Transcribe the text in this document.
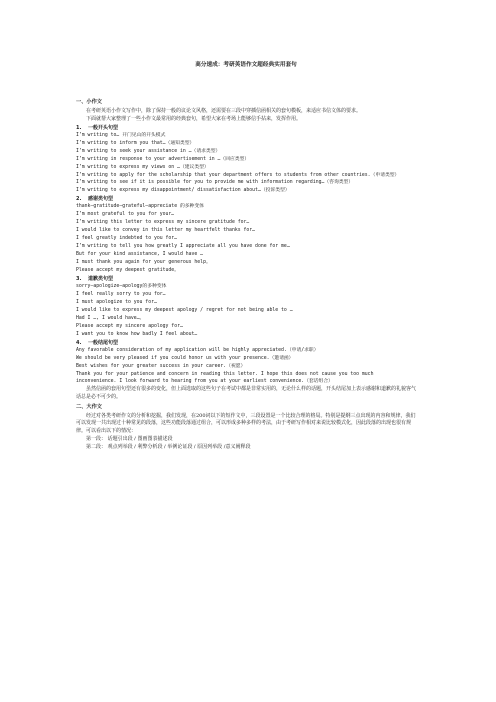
高分速成：考研英语作文超经典实用套句

一、小作文

在考研英语小作文写作中，除了保持一般的议论文风格，还需要在三段中穿插信函相关的套句模板，来适应书信文体的要求。

下面就帮大家整理了一些小作文最常用的经典套句，希望大家在考场上能够信手拈来，发挥作用。

1. 一般开头句型

I’m writing to… 开门见山的开头模式

I’m writing to inform you that…（通知类型）

I’m writing to seek your assistance in …（请求类型）

I’m writing in response to your advertisement in …（回应类型）

I’m writing to express my views on …（建议类型）

I’m writing to apply for the scholarship that your department offers to students from other countries.（申请类型）

I’m writing to see if it is possible for you to provide me with information regarding…（咨询类型）

I’m writing to express my disappointment/ dissatisfaction about…（投诉类型）

2. 感谢类句型

thank—gratitude—grateful—appreciate 的多种变体

I’m most grateful to you for your…

I’m writing this letter to express my sincere gratitude for…

I would like to convey in this letter my heartfelt thanks for…

I feel greatly indebted to you for…

I’m writing to tell you how greatly I appreciate all you have done for me…

But for your kind assistance, I would have …

I must thank you again for your generous help。

Please accept my deepest gratitude。

3. 道歉类句型

sorry—apologize—apology的多种变体

I feel really sorry to you for…

I must apologize to you for…

I would like to express my deepest apology / regret for not being able to …

Had I …, I would have…。

Please accept my sincere apology for…

I want you to know how badly I feel about…

4. 一般结尾句型

Any favorable consideration of my application will be highly appreciated.（申请/求职）

We should be very pleased if you could honor us with your presence.（邀请函）

Best wishes for your greater success in your career.（祝愿）

Thank you for your patience and concern in reading this letter. I hope this does not cause you too much inconvenience. I look forward to hearing from you at your earliest convenience.（套话组合）

虽然信函的套用句型还有很多的变化，但上面选取的这些句子在考试中都是非常实用的，无论什么样的话题，开头结尾加上表示感谢和道歉的礼貌客气话总是必不可少的。

二、大作文

经过对各类考研作文的分析和挖掘，我们发现，在200词以下的短作文中，三段设置是一个比较合理的格局。特别是提纲三点出现的内容和规律，我们可以发现一共出现过十种常见的段落，这些功能段落通过组合，可以形成多种多样的考法，由于考研写作相对来说比较模式化，因此段落的出现也很有规律。可以看出以下的情况：

第一段： 话题引出段 / 图画图表描述段

第二段： 观点列举段 / 利弊分析段 / 举例论证段 / 原因列举段 /意义阐释段
